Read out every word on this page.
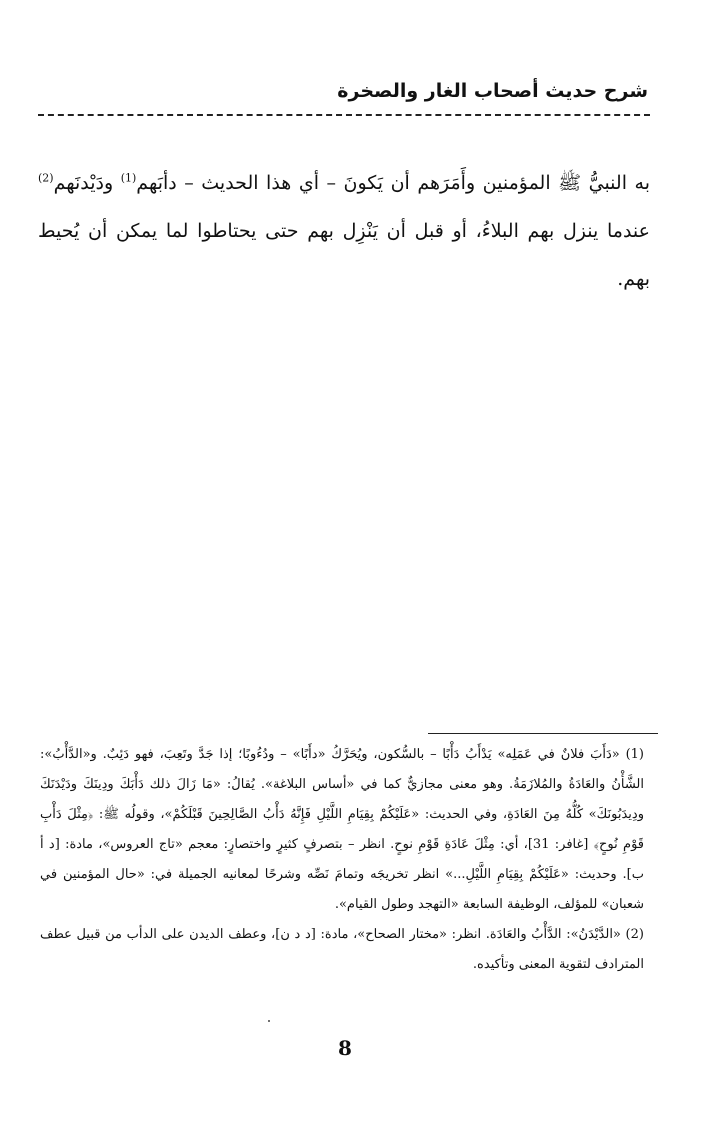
شرح حديث أصحاب الغار والصخرة

به النبيُّ ﷺ المؤمنين وأَمَرَهم أن يَكونَ – أي هذا الحديث – دأبَهم$^{(1)}$ ودَيْدنَهم$^{(2)}$ عندما ينزل بهم البلاءُ، أو قبل أن يَنْزِل بهم حتى يحتاطوا لما يمكن أن يُحيط بهم.

(1) «دَأَبَ فلانٌ في عَمَلِه» يَدْأَبُ دَأْبًا – بالسُّكون، ويُحَرَّكُ «دأَبًا» – ودُءُوبًا؛ إذا جَدَّ وتَعِبَ، فهو دَئِبٌ. و«الدَّأْبُ»: الشَّأْنُ والعَادَةُ والمُلازَمَةُ. وهو معنى مجازيٌّ كما في «أساس البلاغة». يُقالُ: «مَا زَالَ ذلك دَأْبَكَ ودِينَكَ ودَيْدَنَكَ ودِيدَبُونَكَ» كُلُّهُ مِنَ العَادَةِ، وفي الحديث: «عَلَيْكُمْ بِقِيَامِ اللَّيْلِ فَإِنَّهُ دَأْبُ الصَّالِحِينَ قَبْلَكُمْ»، وقولُه ﷺ: ﴿مِثْلَ دَأْبِ قَوْمِ نُوحٍ﴾ [غافر: 31]، أي: مِثْلَ عَادَةِ قَوْمِ نوحٍ. انظر – بتصرفٍ كثيرٍ واختصارٍ: معجم «تاج العروس»، مادة: [د أ ب]. وحديث: «عَلَيْكُمْ بِقِيَامِ اللَّيْلِ...» انظر تخريجَه وتمامَ نَصِّه وشرحًا لمعانيه الجميلة في: «حال المؤمنين في شعبان» للمؤلف، الوظيفة السابعة «التهجد وطول القيام».

(2) «الدَّيْدَنُ»: الدَّأْبُ والعَادَة. انظر: «مختار الصحاح»، مادة: [د د ن]، وعطف الديدن على الدأب من قبيل عطف المترادف لتقوية المعنى وتأكيده.

8
